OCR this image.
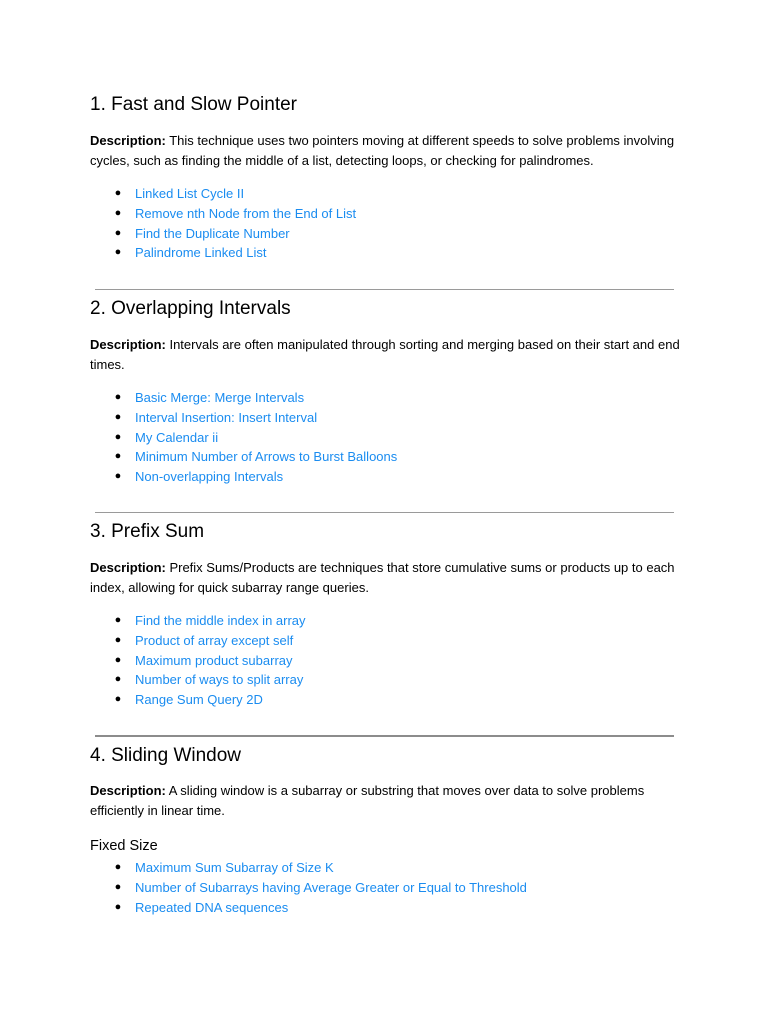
1. Fast and Slow Pointer

Description: This technique uses two pointers moving at different speeds to solve problems involving cycles, such as finding the middle of a list, detecting loops, or checking for palindromes.

● Linked List Cycle II
● Remove nth Node from the End of List
● Find the Duplicate Number
● Palindrome Linked List
2. Overlapping Intervals

Description: Intervals are often manipulated through sorting and merging based on their start and end times.

● Basic Merge: Merge Intervals
● Interval Insertion: Insert Interval
● My Calendar ii
● Minimum Number of Arrows to Burst Balloons
● Non-overlapping Intervals
3. Prefix Sum

Description: Prefix Sums/Products are techniques that store cumulative sums or products up to each index, allowing for quick subarray range queries.

● Find the middle index in array
● Product of array except self
● Maximum product subarray
● Number of ways to split array
● Range Sum Query 2D
4. Sliding Window

Description: A sliding window is a subarray or substring that moves over data to solve problems efficiently in linear time.

Fixed Size

● Maximum Sum Subarray of Size K
● Number of Subarrays having Average Greater or Equal to Threshold
● Repeated DNA sequences
